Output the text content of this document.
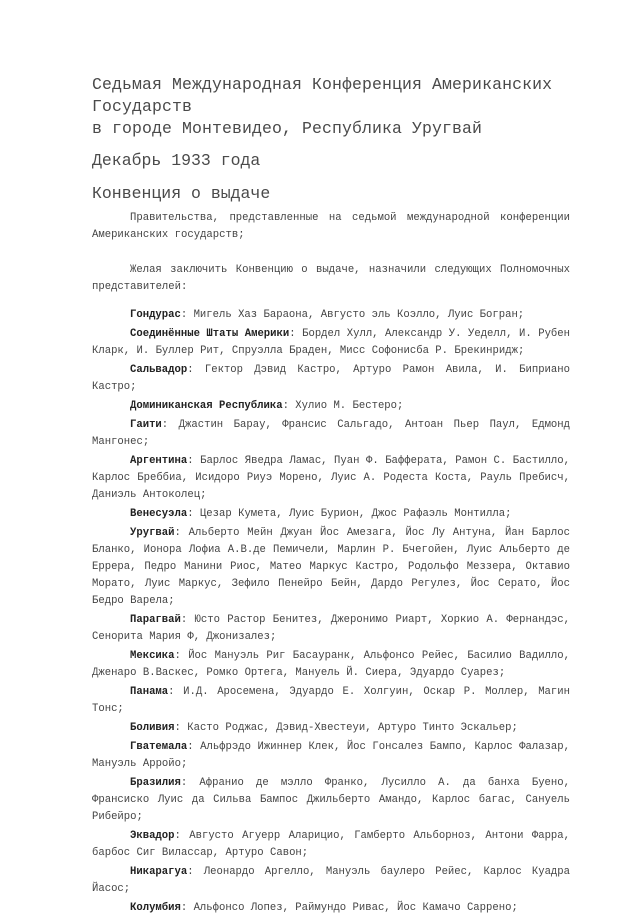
Седьмая Международная Конференция Американских
Государств
в городе Монтевидео, Республика Уругвай
Декабрь 1933 года
Конвенция о выдаче

Правительства, представленные на седьмой международной конференции Американских государств;

Желая заключить Конвенцию о выдаче, назначили следующих Полномочных представителей:

Гондурас: Мигель Хаз Бараона, Августо эль Коэлло, Луис Богран;

Соединённые Штаты Америки: Бордел Хулл, Александр У. Уеделл, И. Рубен Кларк, И. Буллер Рит, Спруэлла Браден, Мисс Софонисба Р. Брекинридж;

Сальвадор: Гектор Дэвид Кастро, Артуро Рамон Авила, И. Биприано Кастро;

Доминиканская Республика: Хулио М. Бестеро;

Гаити: Джастин Бараy, Франсис Сальгадо, Антоан Пьер Паул, Едмонд Мангонес;

Аргентина: Барлос Яведра Ламас, Пуан Ф. Бафферата, Рамон С. Бастилло, Карлос Бреббиа, Исидоро Риуэ Морено, Луис А. Родеста Коста, Рауль Пребисч, Даниэль Антоколец;

Венесуэла: Цезар Кумета, Луис Бурион, Джос Рафаэль Монтилла;

Уругвай: Альберто Мейн Джуан Йос Амезага, Йос Лу Антуна, Йан Барлос Бланко, Ионора Лофиа А.В.де Пемичели, Марлин Р. Бчегойен, Луис Альберто де Еррера, Педро Манини Риос, Матео Маркус Кастро, Родольфо Меззера, Октавио Морато, Луис Маркус, Зефило Пенейро Бейн, Дардо Регулез, Йос Серато, Йос Бедро Варела;

Парагвай: Юсто Растор Бенитез, Джеронимо Риарт, Хоркио А. Фернандэс, Сенорита Мария Ф, Джонизалез;

Мексика: Йос Мануэль Риг Басауранк, Альфонсо Рейес, Басилио Вадилло, Дженаро В.Васкес, Ромко Ортега, Мануель Й. Сиера, Эдуардо Суарез;

Панама: И.Д. Аросемена, Эдуардо Е. Холгуин, Оскар Р. Моллер, Магин Тонс;

Боливия: Касто Роджас, Дэвид-Хвестеуи, Артуро Тинто Эскальер;

Гватемала: Альфрэдо Ижиннер Клек, Йос Гонсалез Бампо, Карлос Фалазар, Мануэль Арройо;

Бразилия: Афранио де мэлло Франко, Лусилло А. да банха Буено, Франсиско Луис да Сильва Бампос Джильберто Амандо, Карлос багас, Сануель Рибейро;

Эквадор: Августо Агуерр Аларицио, Гамберто Альборноз, Антони Фарра, барбос Сиг Виласcар, Артуро Савон;

Никарагуа: Леонардо Аргелло, Мануэль баулеро Рейес, Карлос Куадра Йасос;

Колумбия: Альфонсо Лопез, Раймундо Ривас, Йос Камачо Саррено;
